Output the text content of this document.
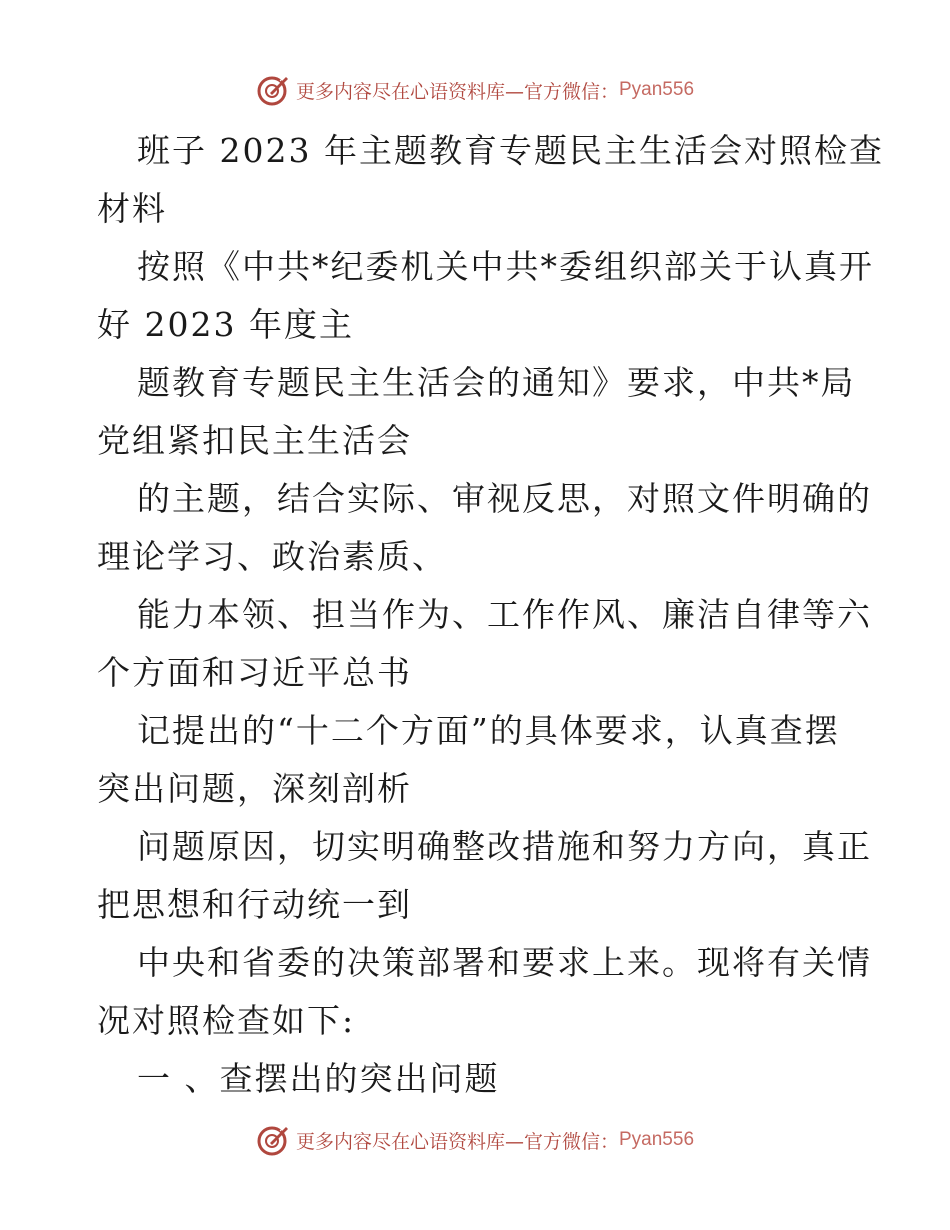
更多内容尽在心语资料库—官方微信： Pyan556
班子 2023 年主题教育专题民主生活会对照检查
材料
按照《中共*纪委机关中共*委组织部关于认真开
好 2023 年度主
题教育专题民主生活会的通知》要求，中共*局
党组紧扣民主生活会
的主题，结合实际、审视反思，对照文件明确的
理论学习、政治素质、
能力本领、担当作为、工作作风、廉洁自律等六
个方面和习近平总书
记提出的“十二个方面”的具体要求，认真查摆
突出问题，深刻剖析
问题原因，切实明确整改措施和努力方向，真正
把思想和行动统一到
中央和省委的决策部署和要求上来。现将有关情
况对照检查如下:
一 、查摆出的突出问题
更多内容尽在心语资料库—官方微信： Pyan556
